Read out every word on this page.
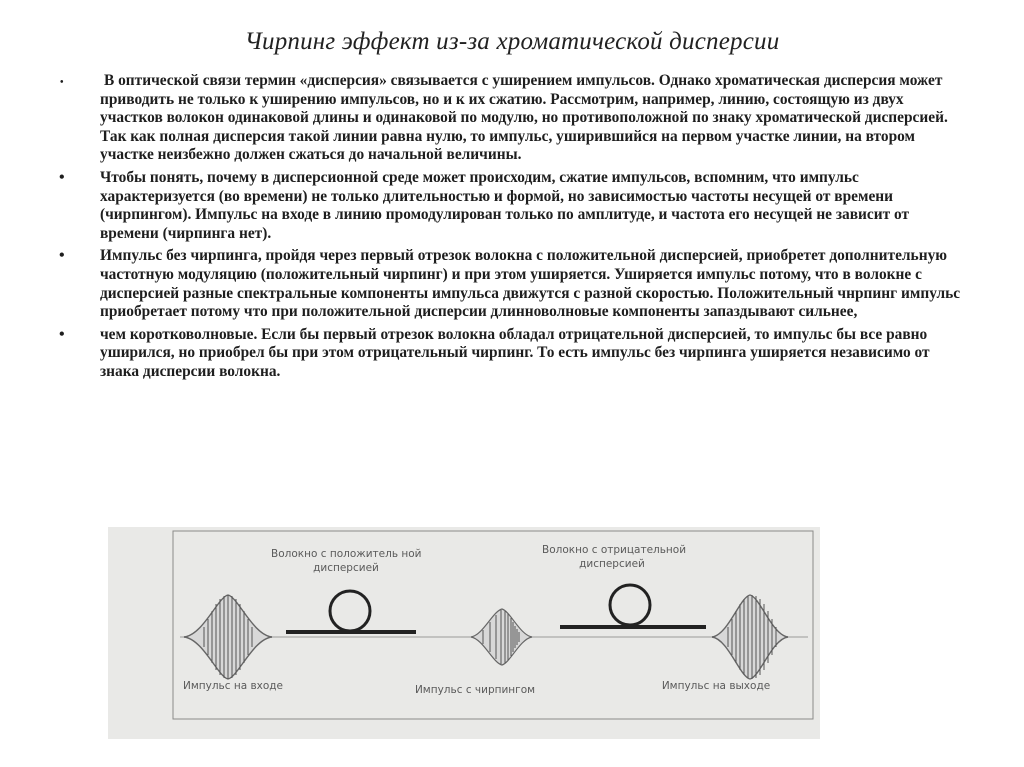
Чирпинг эффект из-за хроматической дисперсии
•	В оптической связи термин «дисперсия» связывается с уширением импульсов. Однако хроматическая дисперсия может приводить не только к уширению импульсов, но и к их сжатию. Рассмотрим, например, линию, состоящую из двух участков волокон одинаковой длины и одинаковой по модулю, но противоположной по знаку хроматической дисперсией. Так как полная дисперсия такой линии равна нулю, то импульс, уширившийся на первом участке линии, на втором участке неизбежно должен сжаться до начальной величины.
• Чтобы понять, почему в дисперсионной среде может происходим, сжатие импульсов, вспомним, что импульс характеризуется (во времени) не только длительностью и формой, но зависимостью частоты несущей от времени (чирпингом). Импульс на входе в линию промодулирован только по амплитуде, и частота его несущей не зависит от времени (чирпинга нет).
• Импульс без чирпинга, пройдя через первый отрезок волокна с положительной дисперсией, приобретет дополнительную частотную модуляцию (положительный чирпинг) и при этом уширяется. Уширяется импульс потому, что в волокне с дисперсией разные спектральные компоненты импульса движутся с разной скоростью. Положительный чнрпинг импульс приобретает потому что при положительной дисперсии длинноволновые компоненты запаздывают сильнее,
• чем коротковолновые. Если бы первый отрезок волокна обладал отрицательной дисперсией, то импульс бы все равно уширился, но приобрел бы при этом отрицательный чирпинг. То есть импульс без чирпинга уширяется независимо от знака дисперсии волокна.
Волокно с положитель ной
дисперсией
Волокно с отрицательной
дисперсией
Импульс на входе	Импульс с чирпингом	Импульс на выходе
